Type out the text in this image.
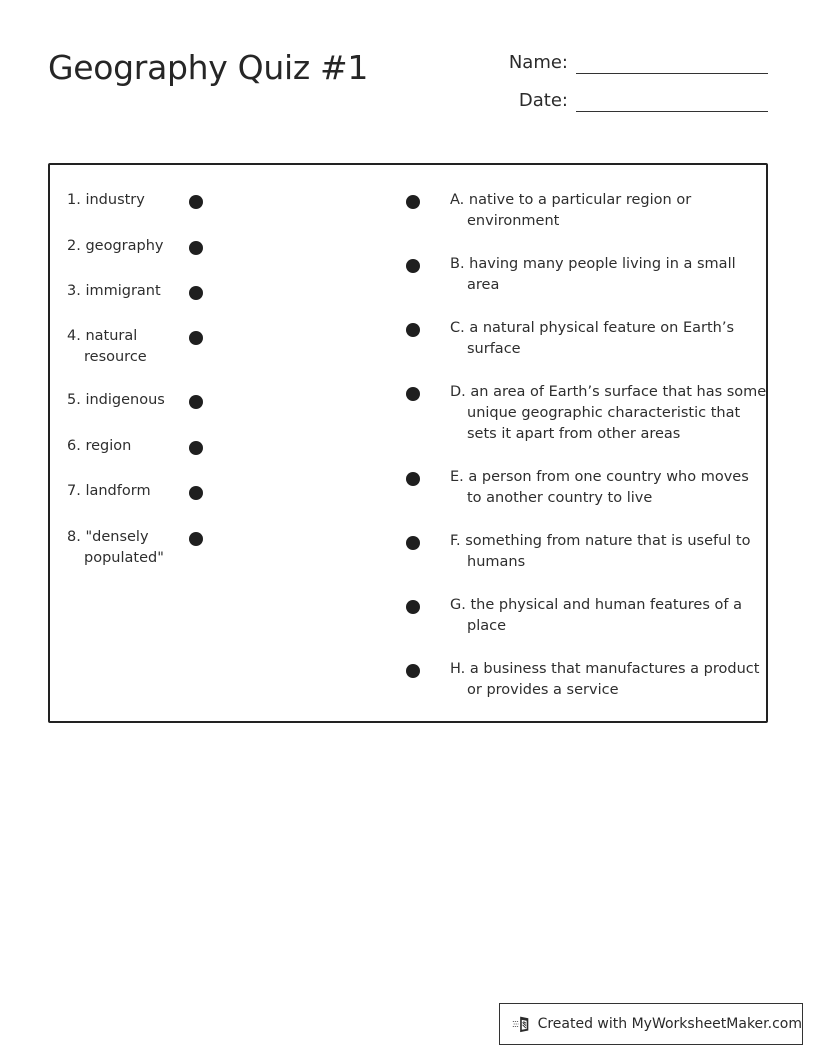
Geography Quiz #1	Name:
Date:
1. industry
2. geography
3. immigrant
4. natural resource
5. indigenous
6. region
7. landform
8. "densely populated"
A. native to a particular region or environment
B. having many people living in a small area
C. a natural physical feature on Earth’s surface
D. an area of Earth’s surface that has some unique geographic characteristic that sets it apart from other areas
E. a person from one country who moves to another country to live
F. something from nature that is useful to humans
G. the physical and human features of a place
H. a business that manufactures a product or provides a service
Created with MyWorksheetMaker.com
